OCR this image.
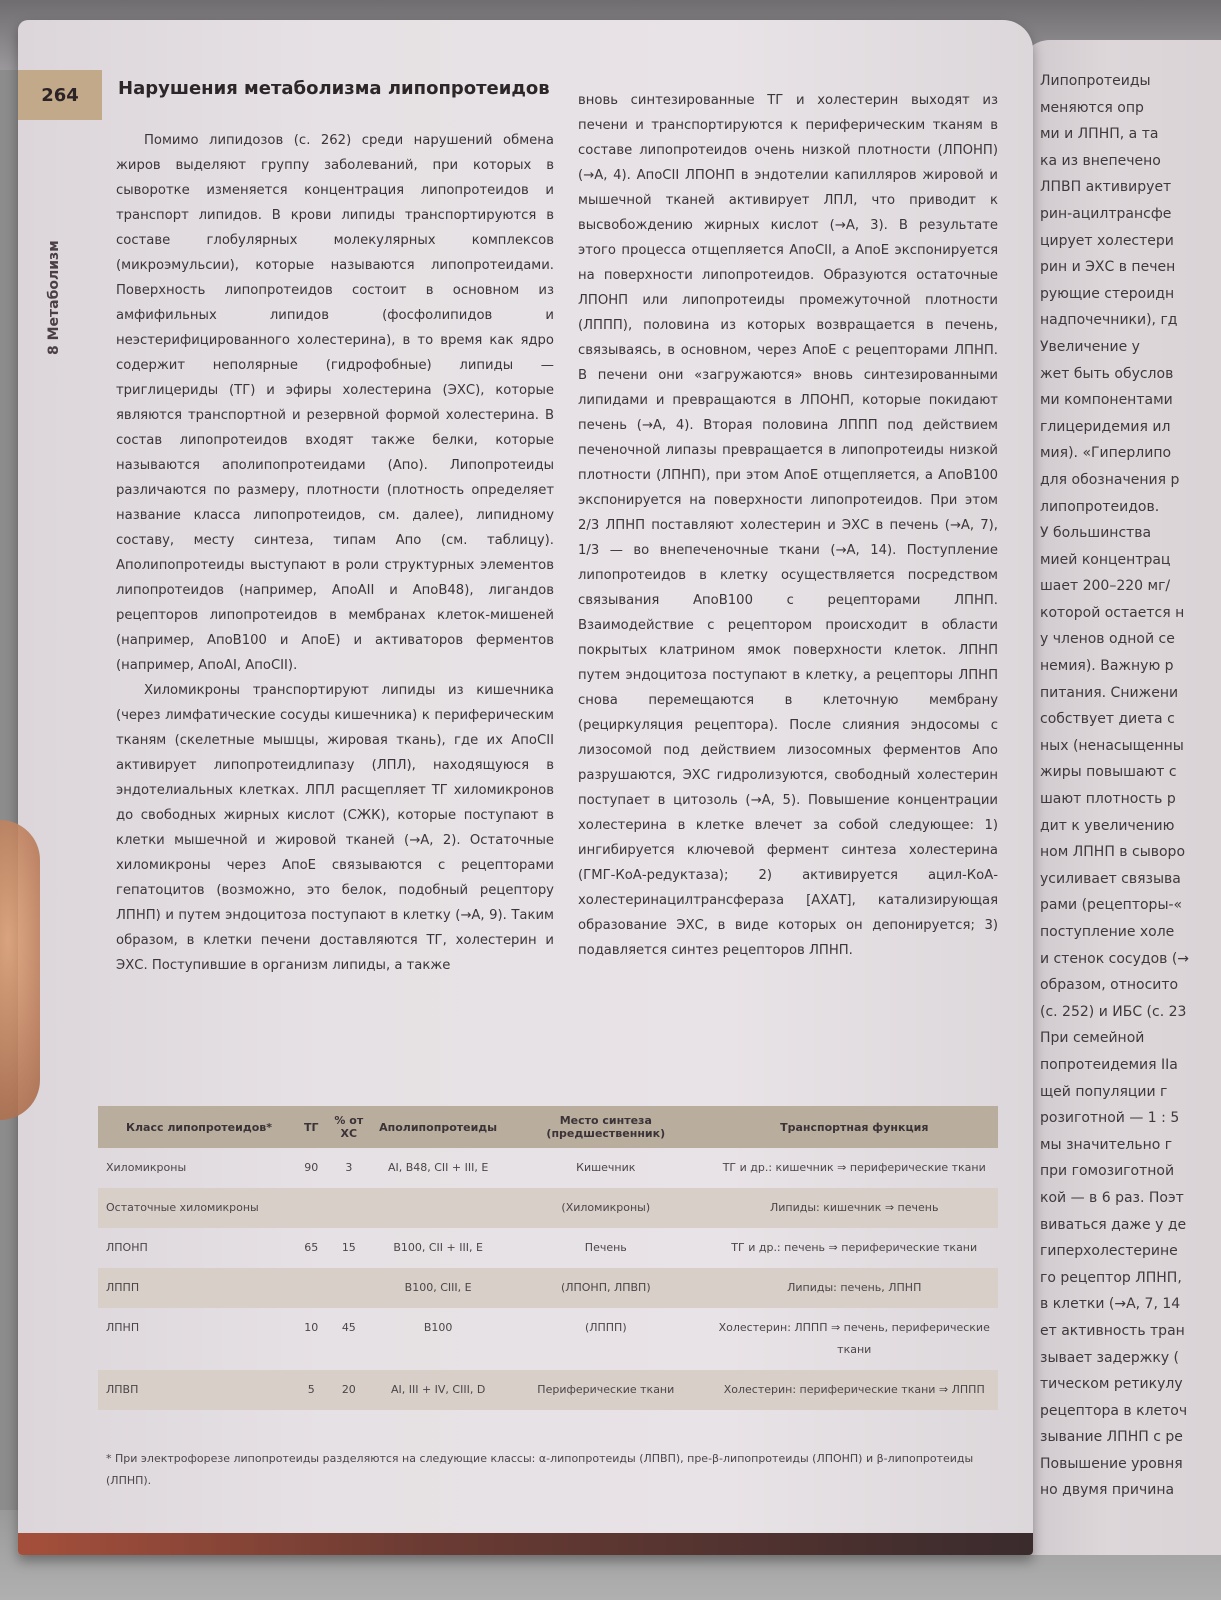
Липопротеиды
меняются опр
ми и ЛПНП, а та
ка из внепечено
ЛПВП активирует
рин-ацилтрансфе
цирует холестери
рин и ЭХС в печен
рующие стероидн
надпочечники), гд
Увеличение у
жет быть обуслов
ми компонентами
глицеридемия ил
мия). «Гиперлипо
для обозначения р
липопротеидов.
У большинства
мией концентрац
шает 200–220 мг/
которой остается н
у членов одной се
немия). Важную р
питания. Снижени
собствует диета с
ных (ненасыщенны
жиры повышают с
шают плотность р
дит к увеличению
ном ЛПНП в сыворо
усиливает связыва
рами (рецепторы-«
поступление холе
и стенок сосудов (→
образом, относито
(с. 252) и ИБС (с. 23
При семейной
попротеидемия IIa
щей популяции г
розиготной — 1 : 5
мы значительно г
при гомозиготной
кой — в 6 раз. Поэт
виваться даже у де
гиперхолестерине
го рецептор ЛПНП,
в клетки (→A, 7, 14
ет активность тран
зывает задержку (
тическом ретикулу
рецептора в клеточ
зывание ЛПНП с ре
Повышение уровня
но двумя причина
264
8 Метаболизм
Нарушения метаболизма липопротеидов

Помимо липидозов (с. 262) среди нарушений обмена жиров выделяют группу заболеваний, при которых в сыворотке изменяется концентрация липопротеидов и транспорт липидов. В крови липиды транспортируются в составе глобулярных молекулярных комплексов (микроэмульсии), которые называются липопротеидами. Поверхность липопротеидов состоит в основном из амфифильных липидов (фосфолипидов и неэстерифицированного холестерина), в то время как ядро содержит неполярные (гидрофобные) липиды — триглицериды (ТГ) и эфиры холестерина (ЭХС), которые являются транспортной и резервной формой холестерина. В состав липопротеидов входят также белки, которые называются аполипопротеидами (Апо). Липопротеиды различаются по размеру, плотности (плотность определяет название класса липопротеидов, см. далее), липидному составу, месту синтеза, типам Апо (см. таблицу). Аполипопротеиды выступают в роли структурных элементов липопротеидов (например, АпоAII и АпоB48), лигандов рецепторов липопротеидов в мембранах клеток-мишеней (например, АпоB100 и АпоE) и активаторов ферментов (например, АпоAI, АпоCII).

Хиломикроны транспортируют липиды из кишечника (через лимфатические сосуды кишечника) к периферическим тканям (скелетные мышцы, жировая ткань), где их АпоCII активирует липопротеидлипазу (ЛПЛ), находящуюся в эндотелиальных клетках. ЛПЛ расщепляет ТГ хиломикронов до свободных жирных кислот (СЖК), которые поступают в клетки мышечной и жировой тканей (→A, 2). Остаточные хиломикроны через АпоE связываются с рецепторами гепатоцитов (возможно, это белок, подобный рецептору ЛПНП) и путем эндоцитоза поступают в клетку (→A, 9). Таким образом, в клетки печени доставляются ТГ, холестерин и ЭХС. Поступившие в организм липиды, а также

вновь синтезированные ТГ и холестерин выходят из печени и транспортируются к периферическим тканям в составе липопротеидов очень низкой плотности (ЛПОНП) (→A, 4). АпоCII ЛПОНП в эндотелии капилляров жировой и мышечной тканей активирует ЛПЛ, что приводит к высвобождению жирных кислот (→A, 3). В результате этого процесса отщепляется АпоCII, а АпоE экспонируется на поверхности липопротеидов. Образуются остаточные ЛПОНП или липопротеиды промежуточной плотности (ЛППП), половина из которых возвращается в печень, связываясь, в основном, через АпоE с рецепторами ЛПНП. В печени они «загружаются» вновь синтезированными липидами и превращаются в ЛПОНП, которые покидают печень (→A, 4). Вторая половина ЛППП под действием печеночной липазы превращается в липопротеиды низкой плотности (ЛПНП), при этом АпоE отщепляется, а АпоB100 экспонируется на поверхности липопротеидов. При этом 2/3 ЛПНП поставляют холестерин и ЭХС в печень (→A, 7), 1/3 — во внепеченочные ткани (→A, 14). Поступление липопротеидов в клетку осуществляется посредством связывания АпоB100 с рецепторами ЛПНП. Взаимодействие с рецептором происходит в области покрытых клатрином ямок поверхности клеток. ЛПНП путем эндоцитоза поступают в клетку, а рецепторы ЛПНП снова перемещаются в клеточную мембрану (рециркуляция рецептора). После слияния эндосомы с лизосомой под действием лизосомных ферментов Апо разрушаются, ЭХС гидролизуются, свободный холестерин поступает в цитозоль (→A, 5). Повышение концентрации холестерина в клетке влечет за собой следующее: 1) ингибируется ключевой фермент синтеза холестерина (ГМГ-КоА-редуктаза); 2) активируется ацил-КоА-холестеринацилтрансфераза [АХАТ], катализирующая образование ЭХС, в виде которых он депонируется; 3) подавляется синтез рецепторов ЛПНП.

Класс липопротеидов*	ТГ	% от ХС	Аполипопротеиды	Место синтеза (предшественник)	Транспортная функция
Хиломикроны	90	3	AI, B48, CII + III, E	Кишечник	ТГ и др.: кишечник ⇒ периферические ткани
Остаточные хиломикроны				(Хиломикроны)	Липиды: кишечник ⇒ печень
ЛПОНП	65	15	B100, CII + III, E	Печень	ТГ и др.: печень ⇒ периферические ткани
ЛППП			B100, CIII, E	(ЛПОНП, ЛПВП)	Липиды: печень, ЛПНП
ЛПНП	10	45	B100	(ЛППП)	Холестерин: ЛППП ⇒ печень, периферические ткани
ЛПВП	5	20	AI, III + IV, CIII, D	Периферические ткани	Холестерин: периферические ткани ⇒ ЛППП
* При электрофорезе липопротеиды разделяются на следующие классы: α-липопротеиды (ЛПВП), пре-β-липопротеиды (ЛПОНП) и β-липопротеиды (ЛПНП).
